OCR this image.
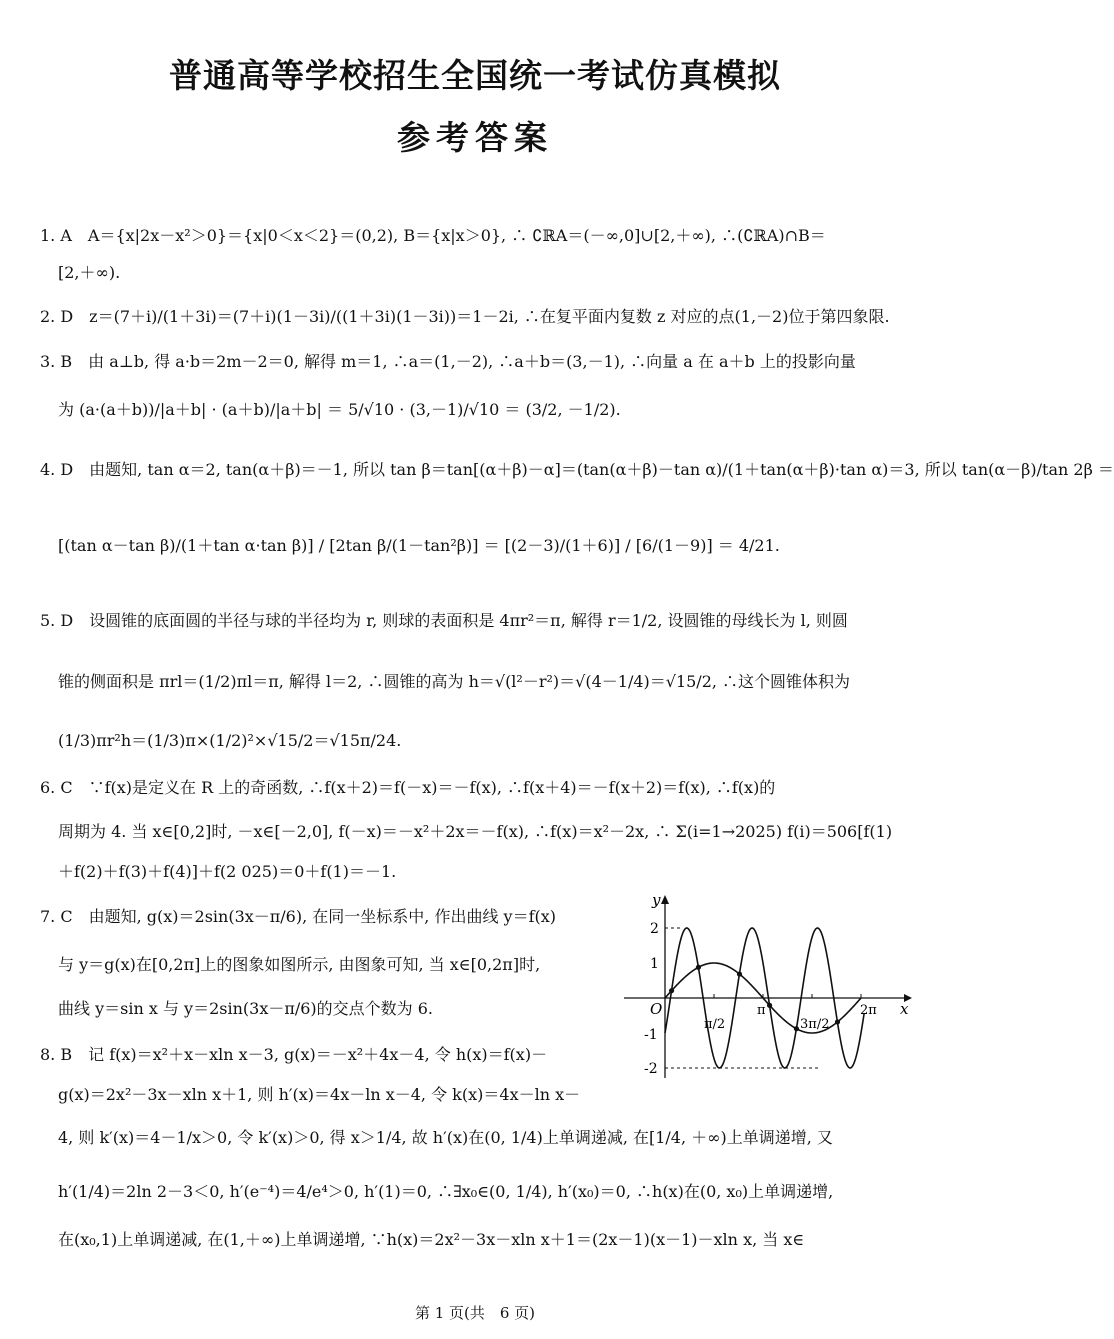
普通高等学校招生全国统一考试仿真模拟
参考答案
1. A　A＝{x|2x－x²＞0}＝{x|0＜x＜2}＝(0,2), B＝{x|x＞0}, ∴ ∁ℝA＝(－∞,0]∪[2,＋∞), ∴(∁ℝA)∩B＝
[2,＋∞).
2. D　z＝(7＋i)/(1＋3i)＝(7＋i)(1－3i)/((1＋3i)(1－3i))＝1－2i, ∴在复平面内复数 z 对应的点(1,－2)位于第四象限.
3. B　由 a⊥b, 得 a·b＝2m－2＝0, 解得 m＝1, ∴a＝(1,－2), ∴a＋b＝(3,－1), ∴向量 a 在 a＋b 上的投影向量
为 (a·(a＋b))/|a＋b| · (a＋b)/|a＋b| ＝ 5/√10 · (3,－1)/√10 ＝ (3/2, －1/2).
4. D　由题知, tan α＝2, tan(α＋β)＝－1, 所以 tan β＝tan[(α＋β)－α]＝(tan(α＋β)－tan α)/(1＋tan(α＋β)·tan α)＝3, 所以 tan(α－β)/tan 2β ＝
[(tan α－tan β)/(1＋tan α·tan β)] / [2tan β/(1－tan²β)] ＝ [(2－3)/(1＋6)] / [6/(1－9)] ＝ 4/21.
5. D　设圆锥的底面圆的半径与球的半径均为 r, 则球的表面积是 4πr²＝π, 解得 r＝1/2, 设圆锥的母线长为 l, 则圆
锥的侧面积是 πrl＝(1/2)πl＝π, 解得 l＝2, ∴圆锥的高为 h＝√(l²－r²)＝√(4－1/4)＝√15/2, ∴这个圆锥体积为
(1/3)πr²h＝(1/3)π×(1/2)²×√15/2＝√15π/24.
6. C　∵f(x)是定义在 R 上的奇函数, ∴f(x＋2)＝f(－x)＝－f(x), ∴f(x＋4)＝－f(x＋2)＝f(x), ∴f(x)的
周期为 4. 当 x∈[0,2]时, －x∈[－2,0], f(－x)＝－x²＋2x＝－f(x), ∴f(x)＝x²－2x, ∴ Σ(i=1→2025) f(i)＝506[f(1)
＋f(2)＋f(3)＋f(4)]＋f(2 025)＝0＋f(1)＝－1.
7. C　由题知, g(x)＝2sin(3x－π/6), 在同一坐标系中, 作出曲线 y＝f(x)
与 y＝g(x)在[0,2π]上的图象如图所示, 由图象可知, 当 x∈[0,2π]时,
曲线 y＝sin x 与 y＝2sin(3x－π/6)的交点个数为 6.
y
x
O
2
1
-1
-2
π/2
π
3π/2
2π
8. B　记 f(x)＝x²＋x－xln x－3, g(x)＝－x²＋4x－4, 令 h(x)＝f(x)－
g(x)＝2x²－3x－xln x＋1, 则 h′(x)＝4x－ln x－4, 令 k(x)＝4x－ln x－
4, 则 k′(x)＝4－1/x＞0, 令 k′(x)＞0, 得 x＞1/4, 故 h′(x)在(0, 1/4)上单调递减, 在[1/4, ＋∞)上单调递增, 又
h′(1/4)＝2ln 2－3＜0, h′(e⁻⁴)＝4/e⁴＞0, h′(1)＝0, ∴∃x₀∈(0, 1/4), h′(x₀)＝0, ∴h(x)在(0, x₀)上单调递增,
在(x₀,1)上单调递减, 在(1,＋∞)上单调递增, ∵h(x)＝2x²－3x－xln x＋1＝(2x－1)(x－1)－xln x, 当 x∈
第 1 页(共　6 页)
